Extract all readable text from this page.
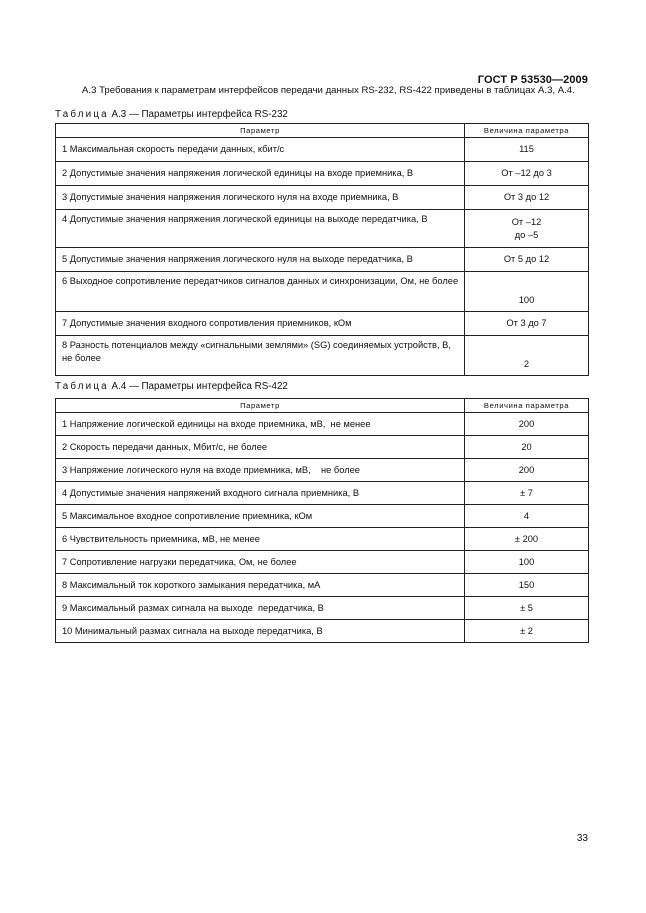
ГОСТ Р 53530—2009
А.3 Требования к параметрам интерфейсов передачи данных RS-232, RS-422 приведены в таблицах А.3, А.4.
Таблица А.3 — Параметры интерфейса RS-232
Параметр	Величина параметра
1 Максимальная скорость передачи данных, кбит/с	115
2 Допустимые значения напряжения логической единицы на входе приемника, В	От –12 до 3
3 Допустимые значения напряжения логического нуля на входе приемника, В	От 3 до 12
4 Допустимые значения напряжения логической единицы на выходе передатчика, В	От –12
до –5

5 Допустимые значения напряжения логического нуля на выходе передатчика, В	От 5 до 12
6 Выходное сопротивление передатчиков сигналов данных и синхронизации, Ом, не более	100
7 Допустимые значения входного сопротивления приемников, кОм	От 3 до 7
8 Разность потенциалов между «сигнальными землями» (SG) соединяемых устройств, В, не более	2
Таблица А.4 — Параметры интерфейса RS-422
Параметр	Величина параметра
1 Напряжение логической единицы на входе приемника, мВ,  не менее	200
2 Скорость передачи данных, Мбит/с, не более	20
3 Напряжение логического нуля на входе приемника, мВ,    не более	200
4 Допустимые значения напряжений входного сигнала приемника, В	± 7
5 Максимальное входное сопротивление приемника, кОм	4
6 Чувствительность приемника, мВ, не менее	± 200
7 Сопротивление нагрузки передатчика, Ом, не более	100
8 Максимальный ток короткого замыкания передатчика, мА	150
9 Максимальный размах сигнала на выходе  передатчика, В	± 5
10 Минимальный размах сигнала на выходе передатчика, В	± 2
33
